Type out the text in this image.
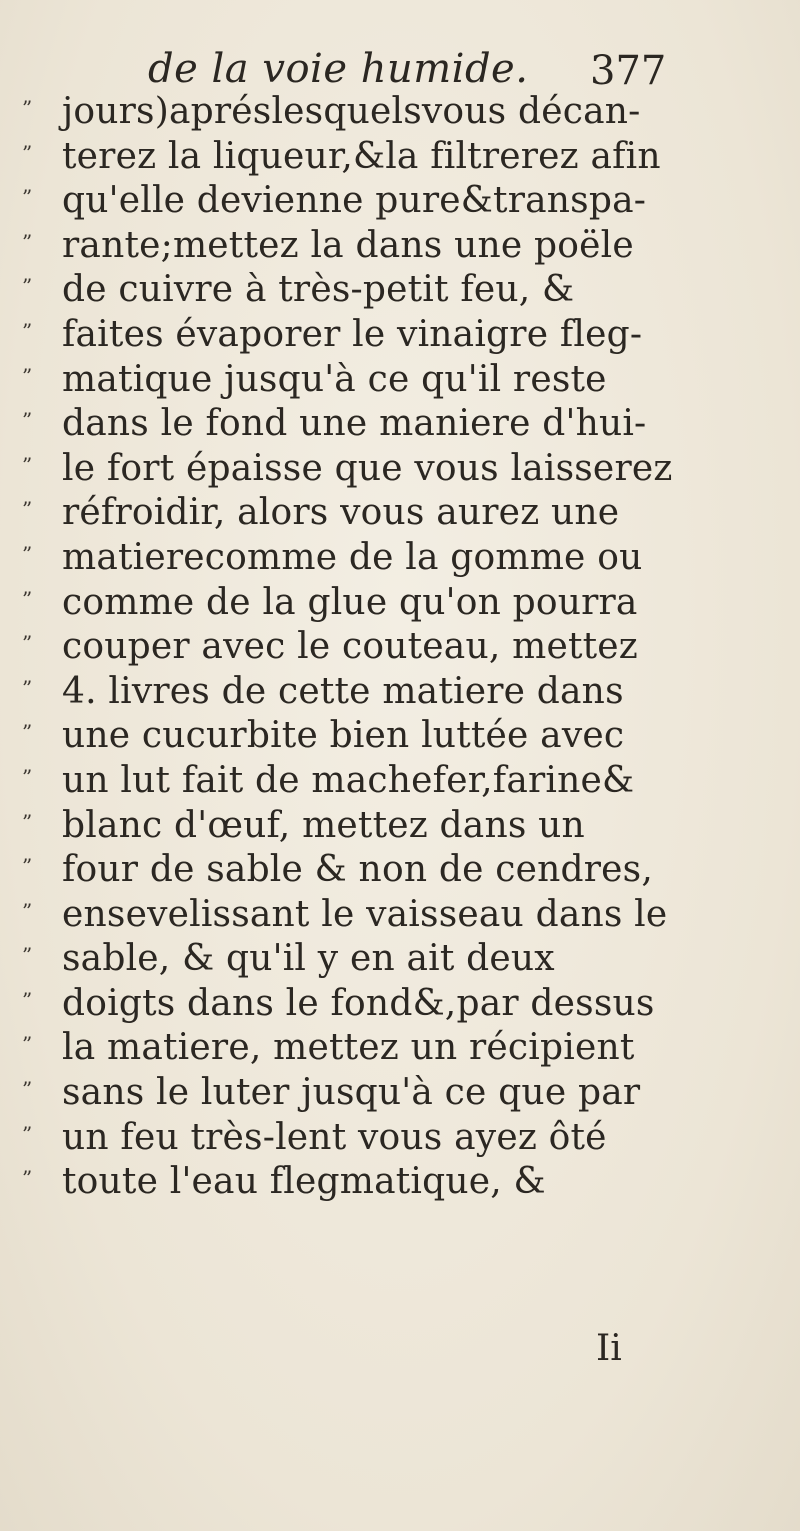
de la voie humide. 377
” jours)apréslesquelsvous décan-
” terez la liqueur,&la filtrerez afin
” qu'elle devienne pure&transpa-
” rante;mettez la dans une poële
” de cuivre à très-petit feu, &
” faites évaporer le vinaigre fleg-
” matique jusqu'à ce qu'il reste
” dans le fond une maniere d'hui-
” le fort épaisse que vous laisserez
” réfroidir, alors vous aurez une
” matierecomme de la gomme ou
” comme de la glue qu'on pourra
” couper avec le couteau, mettez
” 4. livres de cette matiere dans
” une cucurbite bien luttée avec
” un lut fait de machefer,farine&
” blanc d'œuf, mettez dans un
” four de sable & non de cendres,
” ensevelissant le vaisseau dans le
” sable, & qu'il y en ait deux
” doigts dans le fond&,par dessus
” la matiere, mettez un récipient
” sans le luter jusqu'à ce que par
” un feu très-lent vous ayez ôté
” toute l'eau flegmatique, &
Ii
